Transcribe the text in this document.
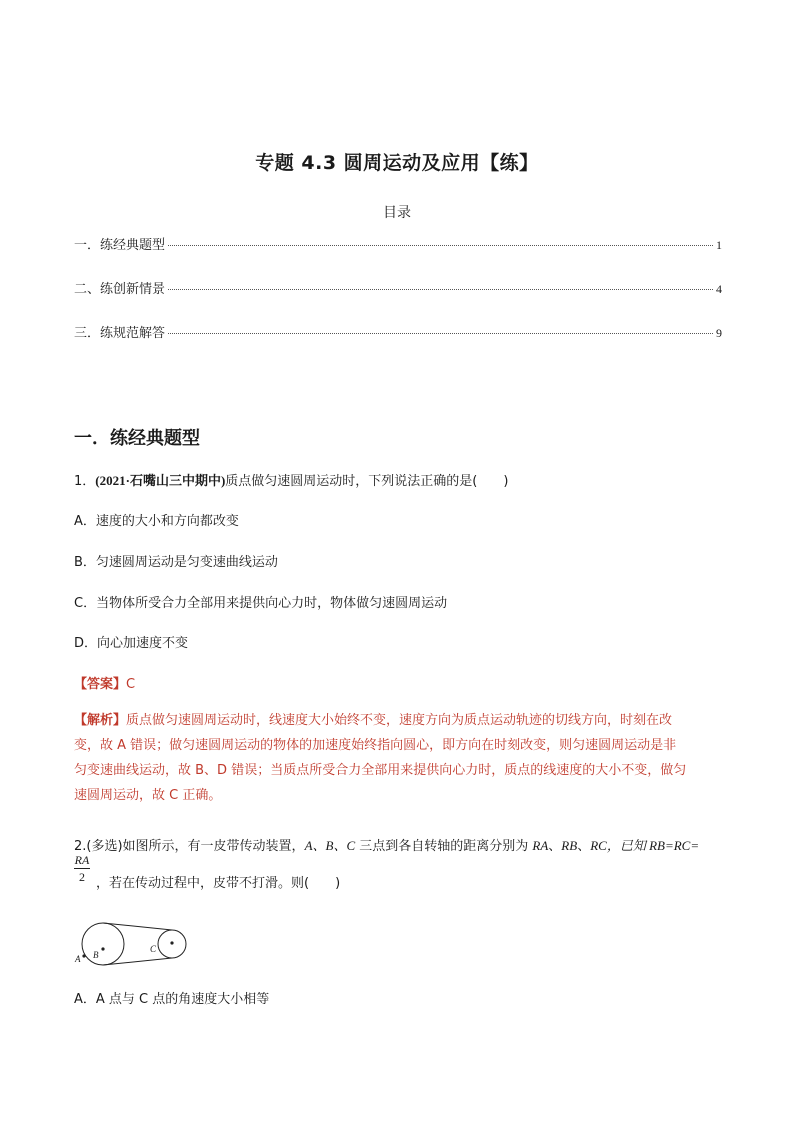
专题 4.3 圆周运动及应用【练】
目录
一．练经典题型	1
二、练创新情景	4
三．练规范解答	9
一．练经典题型
1．(2021·石嘴山三中期中)质点做匀速圆周运动时，下列说法正确的是(　　)
A．速度的大小和方向都改变
B．匀速圆周运动是匀变速曲线运动
C．当物体所受合力全部用来提供向心力时，物体做匀速圆周运动
D．向心加速度不变
【答案】C
【解析】质点做匀速圆周运动时，线速度大小始终不变，速度方向为质点运动轨迹的切线方向，时刻在改
变，故 A 错误；做匀速圆周运动的物体的加速度始终指向圆心，即方向在时刻改变，则匀速圆周运动是非
匀变速曲线运动，故 B、D 错误；当质点所受合力全部用来提供向心力时，质点的线速度的大小不变，做匀
速圆周运动，故 C 正确。
2.(多选)如图所示，有一皮带传动装置，A、B、C 三点到各自转轴的距离分别为 RA、RB、RC，已知 RB=RC=
$\frac{RA}{2}$ ，若在传动过程中，皮带不打滑。则(　　)
A B
C
A．A 点与 C 点的角速度大小相等
